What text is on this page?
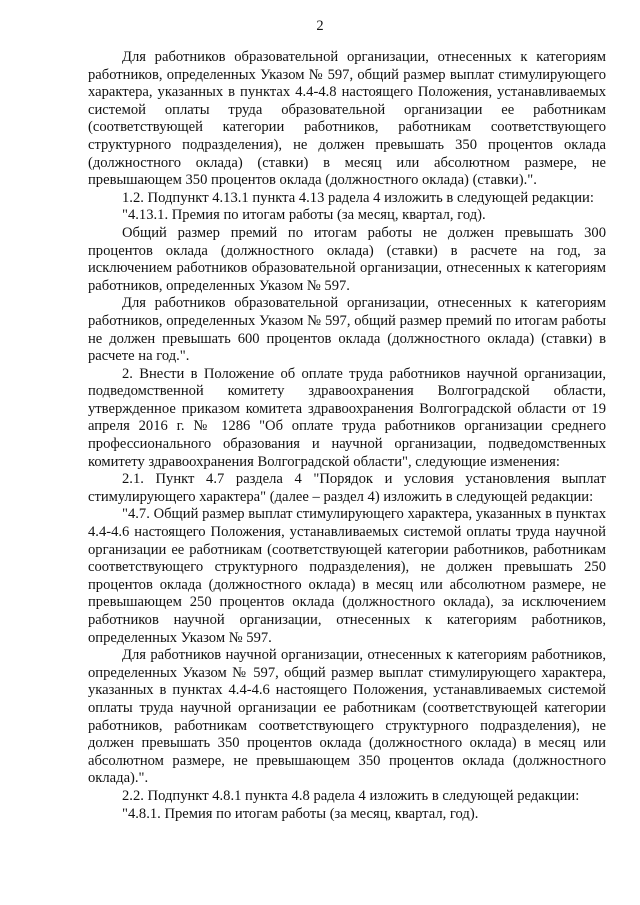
2

Для работников образовательной организации, отнесенных к категориям работников, определенных Указом № 597, общий размер выплат стимулирующего характера, указанных в пунктах 4.4-4.8 настоящего Положения, устанавливаемых системой оплаты труда образовательной организации ее работникам (соответствующей категории работников, работникам соответствующего структурного подразделения), не должен превышать 350 процентов оклада (должностного оклада) (ставки) в месяц или абсолютном размере, не превышающем 350 процентов оклада (должностного оклада) (ставки).".

1.2. Подпункт 4.13.1 пункта 4.13 радела 4 изложить в следующей редакции:

"4.13.1. Премия по итогам работы (за месяц, квартал, год).

Общий размер премий по итогам работы не должен превышать 300 процентов оклада (должностного оклада) (ставки) в расчете на год, за исключением работников образовательной организации, отнесенных к категориям работников, определенных Указом № 597.

Для работников образовательной организации, отнесенных к категориям работников, определенных Указом № 597, общий размер премий по итогам работы не должен превышать 600 процентов оклада (должностного оклада) (ставки) в расчете на год.".

2. Внести в Положение об оплате труда работников научной организации, подведомственной комитету здравоохранения Волгоградской области, утвержденное приказом комитета здравоохранения Волгоградской области от 19 апреля 2016 г. № 1286 "Об оплате труда работников организации среднего профессионального образования и научной организации, подведомственных комитету здравоохранения Волгоградской области", следующие изменения:

2.1. Пункт 4.7 раздела 4 "Порядок и условия установления выплат стимулирующего характера" (далее – раздел 4) изложить в следующей редакции:

"4.7. Общий размер выплат стимулирующего характера, указанных в пунктах 4.4-4.6 настоящего Положения, устанавливаемых системой оплаты труда научной организации ее работникам (соответствующей категории работников, работникам соответствующего структурного подразделения), не должен превышать 250 процентов оклада (должностного оклада) в месяц или абсолютном размере, не превышающем 250 процентов оклада (должностного оклада), за исключением работников научной организации, отнесенных к категориям работников, определенных Указом № 597.

Для работников научной организации, отнесенных к категориям работников, определенных Указом № 597, общий размер выплат стимулирующего характера, указанных в пунктах 4.4-4.6 настоящего Положения, устанавливаемых системой оплаты труда научной организации ее работникам (соответствующей категории работников, работникам соответствующего структурного подразделения), не должен превышать 350 процентов оклада (должностного оклада) в месяц или абсолютном размере, не превышающем 350 процентов оклада (должностного оклада).".

2.2. Подпункт 4.8.1 пункта 4.8 радела 4 изложить в следующей редакции:

"4.8.1. Премия по итогам работы (за месяц, квартал, год).
